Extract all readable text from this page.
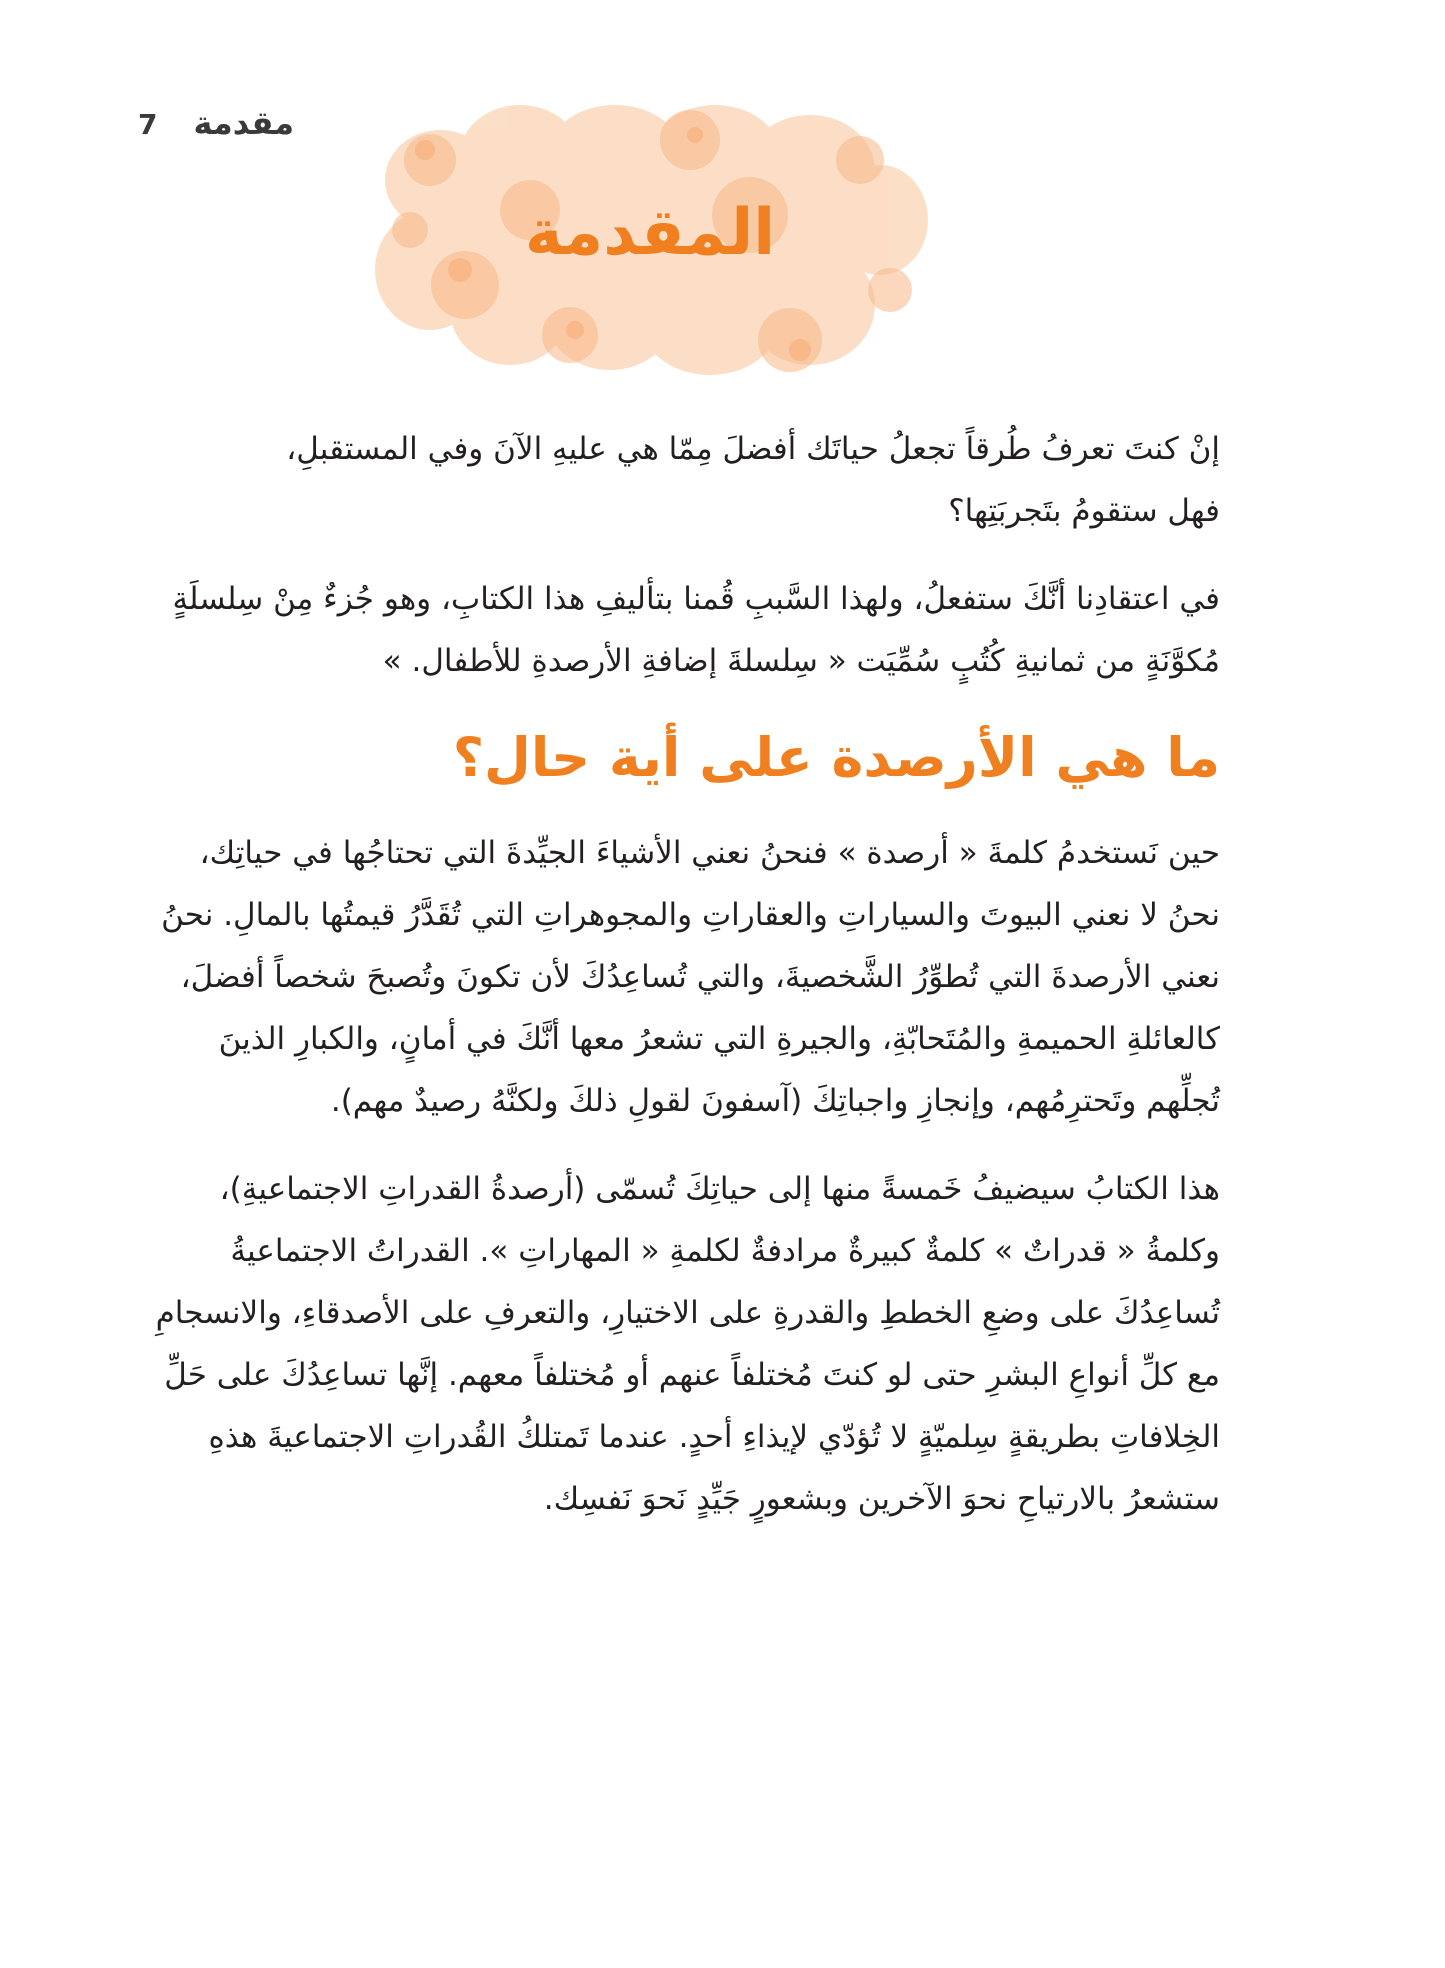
7 مقدمة
المقدمة

إنْ كنتَ تعرفُ طُرقاً تجعلُ حياتَك أفضلَ مِمّا هي عليهِ الآنَ وفي المستقبلِ، فهل ستقومُ بتَجربَتِها؟

في اعتقادِنا أنَّكَ ستفعلُ، ولهذا السَّببِ قُمنا بتأليفِ هذا الكتابِ، وهو جُزءٌ مِنْ سِلسلَةٍ مُكوَّنَةٍ من ثمانيةِ كُتُبٍ سُمِّيَت « سِلسلةَ إضافةِ الأرصدةِ للأطفال. »

ما هي الأرصدة على أية حال؟

حين نَستخدمُ كلمةَ « أرصدة » فنحنُ نعني الأشياءَ الجيِّدةَ التي تحتاجُها في حياتِك، نحنُ لا نعني البيوتَ والسياراتِ والعقاراتِ والمجوهراتِ التي تُقَدَّرُ قيمتُها بالمالِ. نحنُ نعني الأرصدةَ التي تُطوِّرُ الشَّخصيةَ، والتي تُساعِدُكَ لأن تكونَ وتُصبحَ شخصاً أفضلَ، كالعائلةِ الحميمةِ والمُتَحابّةِ، والجيرةِ التي تشعرُ معها أنَّكَ في أمانٍ، والكبارِ الذينَ تُجلِّهم وتَحترِمُهم، وإنجازِ واجباتِكَ (آسفونَ لقولِ ذلكَ ولكنَّهُ رصيدٌ مهم).

هذا الكتابُ سيضيفُ خَمسةً منها إلى حياتِكَ تُسمّى (أرصدةُ القدراتِ الاجتماعيةِ)، وكلمةُ « قدراتٌ » كلمةٌ كبيرةٌ مرادفةٌ لكلمةِ « المهاراتِ ». القدراتُ الاجتماعيةُ تُساعِدُكَ على وضعِ الخططِ والقدرةِ على الاختيارِ، والتعرفِ على الأصدقاءِ، والانسجامِ مع كلِّ أنواعِ البشرِ حتى لو كنتَ مُختلفاً عنهم أو مُختلفاً معهم. إنَّها تساعِدُكَ على حَلِّ الخِلافاتِ بطريقةٍ سِلميّةٍ لا تُؤدّي لإيذاءِ أحدٍ. عندما تَمتلكُ القُدراتِ الاجتماعيةَ هذهِ ستشعرُ بالارتياحِ نحوَ الآخرين وبشعورٍ جَيِّدٍ نَحوَ نَفسِك.
